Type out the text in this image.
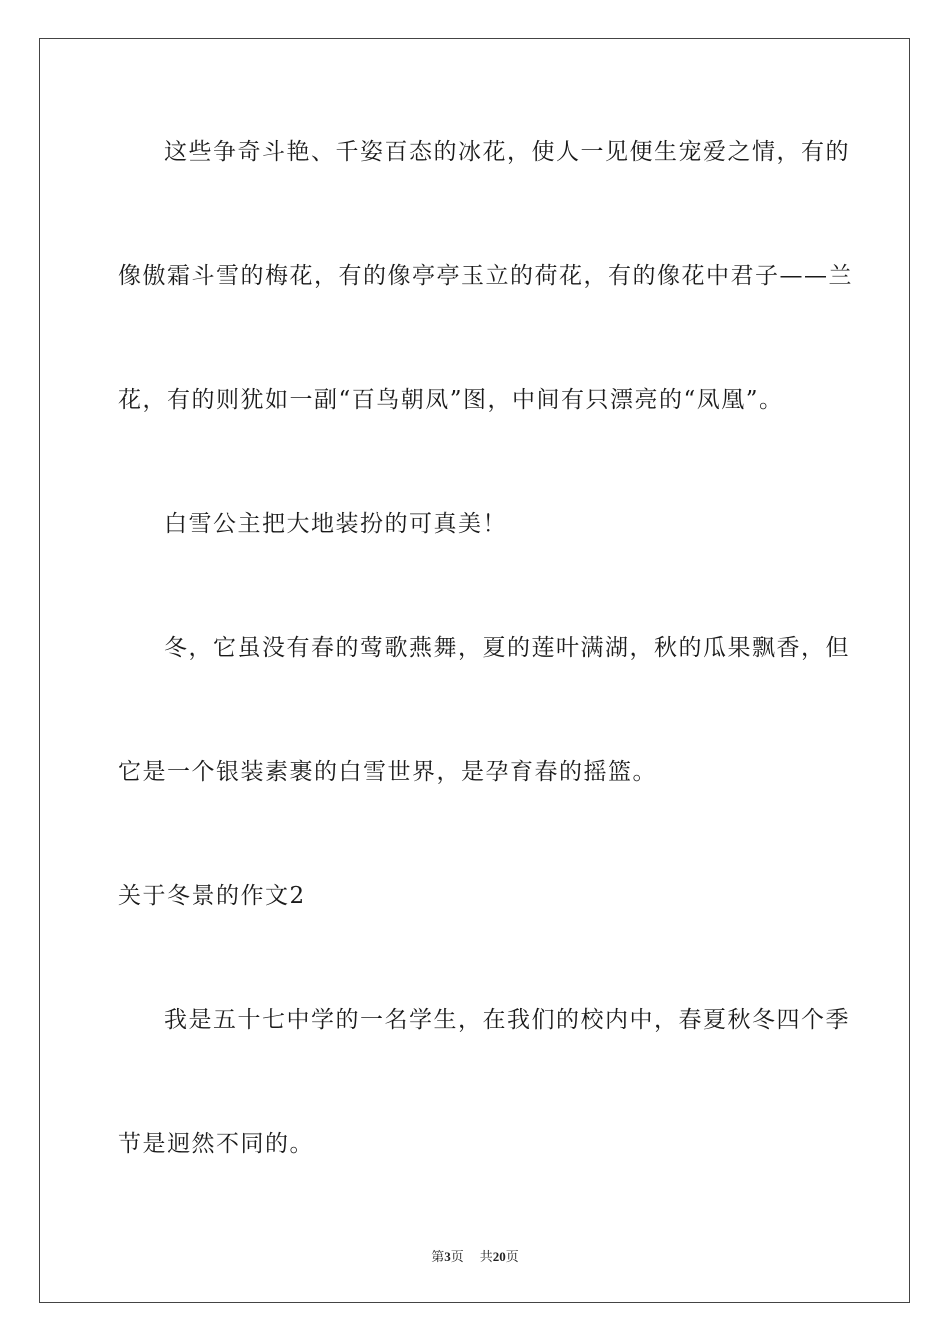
这些争奇斗艳、千姿百态的冰花，使人一见便生宠爱之情，有的
像傲霜斗雪的梅花，有的像亭亭玉立的荷花，有的像花中君子——兰
花，有的则犹如一副“百鸟朝凤”图，中间有只漂亮的“凤凰”。
白雪公主把大地装扮的可真美！
冬，它虽没有春的莺歌燕舞，夏的莲叶满湖，秋的瓜果飘香，但
它是一个银装素裹的白雪世界，是孕育春的摇篮。
关于冬景的作文2
我是五十七中学的一名学生，在我们的校内中，春夏秋冬四个季
节是迥然不同的。
第3页 共20页
